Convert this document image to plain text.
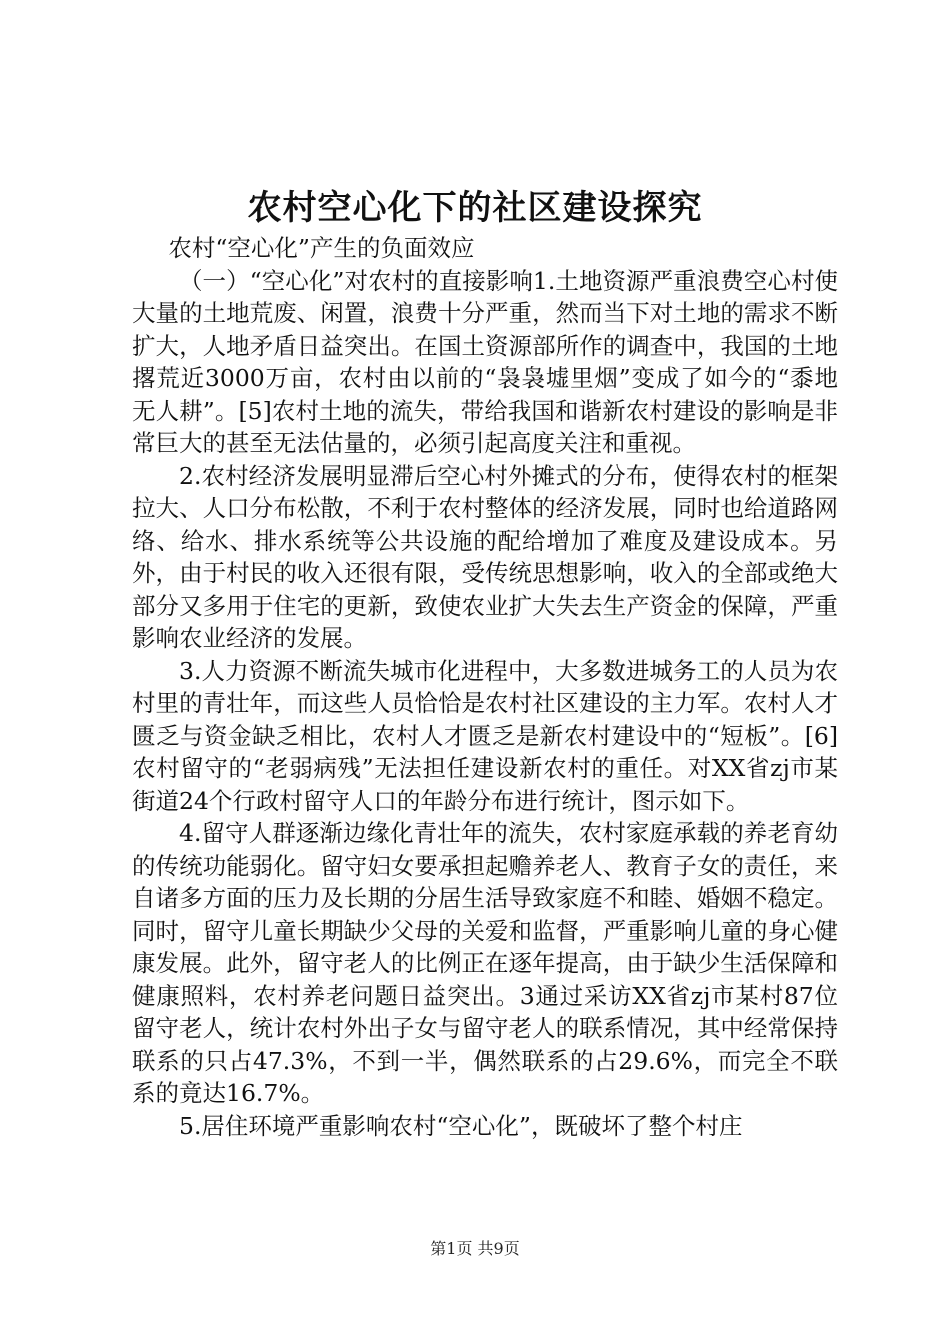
农村空心化下的社区建设探究

农村“空心化”产生的负面效应

（一）“空心化”对农村的直接影响1.土地资源严重浪费空心村使大量的土地荒废、闲置，浪费十分严重，然而当下对土地的需求不断扩大，人地矛盾日益突出。在国土资源部所作的调查中，我国的土地撂荒近3000万亩，农村由以前的“袅袅墟里烟”变成了如今的“黍地无人耕”。[5]农村土地的流失，带给我国和谐新农村建设的影响是非常巨大的甚至无法估量的，必须引起高度关注和重视。

2.农村经济发展明显滞后空心村外摊式的分布，使得农村的框架拉大、人口分布松散，不利于农村整体的经济发展，同时也给道路网络、给水、排水系统等公共设施的配给增加了难度及建设成本。另外，由于村民的收入还很有限，受传统思想影响，收入的全部或绝大部分又多用于住宅的更新，致使农业扩大失去生产资金的保障，严重影响农业经济的发展。

3.人力资源不断流失城市化进程中，大多数进城务工的人员为农村里的青壮年，而这些人员恰恰是农村社区建设的主力军。农村人才匮乏与资金缺乏相比，农村人才匮乏是新农村建设中的“短板”。[6]农村留守的“老弱病残”无法担任建设新农村的重任。对XX省zj市某街道24个行政村留守人口的年龄分布进行统计，图示如下。

4.留守人群逐渐边缘化青壮年的流失，农村家庭承载的养老育幼的传统功能弱化。留守妇女要承担起赡养老人、教育子女的责任，来自诸多方面的压力及长期的分居生活导致家庭不和睦、婚姻不稳定。同时，留守儿童长期缺少父母的关爱和监督，严重影响儿童的身心健康发展。此外，留守老人的比例正在逐年提高，由于缺少生活保障和健康照料，农村养老问题日益突出。3通过采访XX省zj市某村87位留守老人，统计农村外出子女与留守老人的联系情况，其中经常保持联系的只占47.3%，不到一半，偶然联系的占29.6%，而完全不联系的竟达16.7%。

5.居住环境严重影响农村“空心化”，既破坏了整个村庄

第1页 共9页
